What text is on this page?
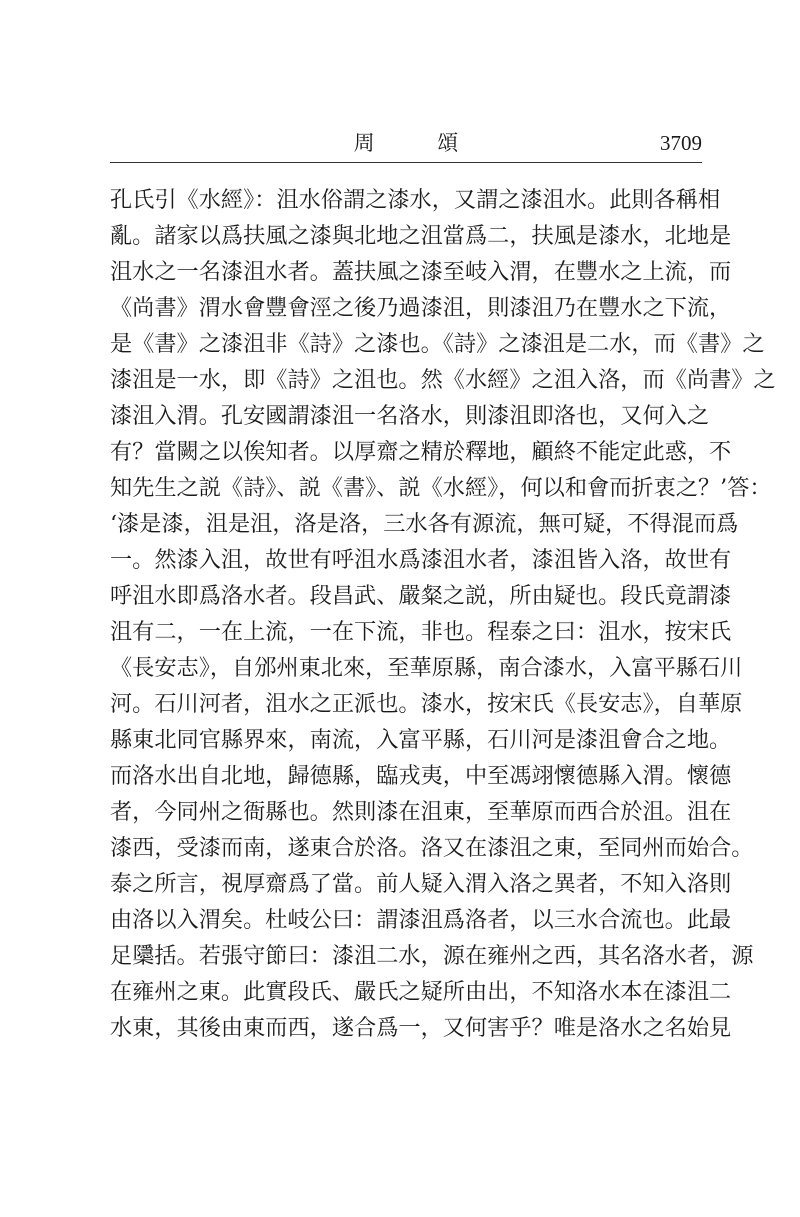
周 頌	3709
孔氏引《水經》：沮水俗謂之漆水，又謂之漆沮水。此則各稱相
亂。諸家以爲扶風之漆與北地之沮當爲二，扶風是漆水，北地是
沮水之一名漆沮水者。蓋扶風之漆至岐入渭，在豐水之上流，而
《尚書》渭水會豐會涇之後乃過漆沮，則漆沮乃在豐水之下流，
是《書》之漆沮非《詩》之漆也。《詩》之漆沮是二水，而《書》之
漆沮是一水，即《詩》之沮也。然《水經》之沮入洛，而《尚書》之
漆沮入渭。孔安國謂漆沮一名洛水，則漆沮即洛也，又何入之
有？當闕之以俟知者。以厚齋之精於釋地，顧終不能定此惑，不
知先生之説《詩》、説《書》、説《水經》，何以和會而折衷之？’答：
‘漆是漆，沮是沮，洛是洛，三水各有源流，無可疑，不得混而爲
一。然漆入沮，故世有呼沮水爲漆沮水者，漆沮皆入洛，故世有
呼沮水即爲洛水者。段昌武、嚴粲之説，所由疑也。段氏竟謂漆
沮有二，一在上流，一在下流，非也。程泰之曰：沮水，按宋氏
《長安志》，自邠州東北來，至華原縣，南合漆水，入富平縣石川
河。石川河者，沮水之正派也。漆水，按宋氏《長安志》，自華原
縣東北同官縣界來，南流，入富平縣，石川河是漆沮會合之地。
而洛水出自北地，歸德縣，臨戎夷，中至馮翊懷德縣入渭。懷德
者，今同州之衙縣也。然則漆在沮東，至華原而西合於沮。沮在
漆西，受漆而南，遂東合於洛。洛又在漆沮之東，至同州而始合。
泰之所言，視厚齋爲了當。前人疑入渭入洛之異者，不知入洛則
由洛以入渭矣。杜岐公曰：謂漆沮爲洛者，以三水合流也。此最
足櫽括。若張守節曰：漆沮二水，源在雍州之西，其名洛水者，源
在雍州之東。此實段氏、嚴氏之疑所由出，不知洛水本在漆沮二
水東，其後由東而西，遂合爲一，又何害乎？唯是洛水之名始見
